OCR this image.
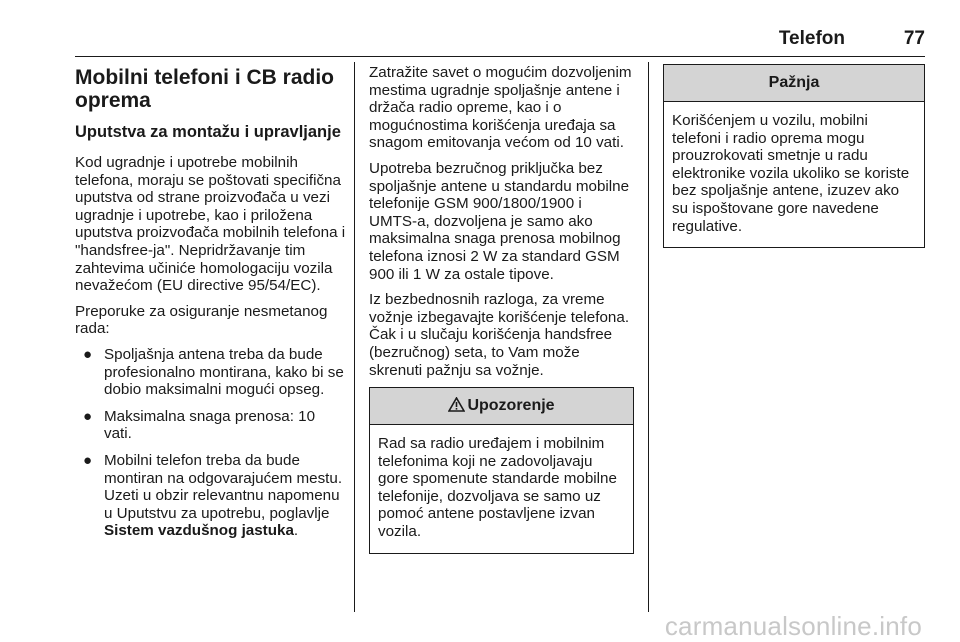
Telefon	77
Mobilni telefoni i CB radio oprema
Uputstva za montažu i upravljanje

Kod ugradnje i upotrebe mobilnih telefona, moraju se poštovati specifična uputstva od strane proizvođača u vezi ugradnje i upotrebe, kao i priložena uputstva proizvođača mobilnih telefona i "handsfree-ja". Nepridržavanje tim zahtevima učiniće homologaciju vozila nevažećom (EU directive 95/54/EC).

Preporuke za osiguranje nesmetanog rada:

● Spoljašnja antena treba da bude profesionalno montirana, kako bi se dobio maksimalni mogući opseg.
● Maksimalna snaga prenosa: 10 vati.
● Mobilni telefon treba da bude montiran na odgovarajućem mestu. Uzeti u obzir relevantnu napomenu u Uputstvu za upotrebu, poglavlje Sistem vazdušnog jastuka.

Zatražite savet o mogućim dozvoljenim mestima ugradnje spoljašnje antene i držača radio opreme, kao i o mogućnostima korišćenja uređaja sa snagom emitovanja većom od 10 vati.

Upotreba bezručnog priključka bez spoljašnje antene u standardu mobilne telefonije GSM 900/1800/1900 i UMTS-a, dozvoljena je samo ako maksimalna snaga prenosa mobilnog telefona iznosi 2 W za standard GSM 900 ili 1 W za ostale tipove.

Iz bezbednosnih razloga, za vreme vožnje izbegavajte korišćenje telefona. Čak i u slučaju korišćenja handsfree (bezručnog) seta, to Vam može skrenuti pažnju sa vožnje.

Upozorenje
Rad sa radio uređajem i mobilnim telefonima koji ne zadovoljavaju gore spomenute standarde mobilne telefonije, dozvoljava se samo uz pomoć antene postavljene izvan vozila.
Pažnja
Korišćenjem u vozilu, mobilni telefoni i radio oprema mogu prouzrokovati smetnje u radu elektronike vozila ukoliko se koriste bez spoljašnje antene, izuzev ako su ispoštovane gore navedene regulative.
carmanualsonline.info
